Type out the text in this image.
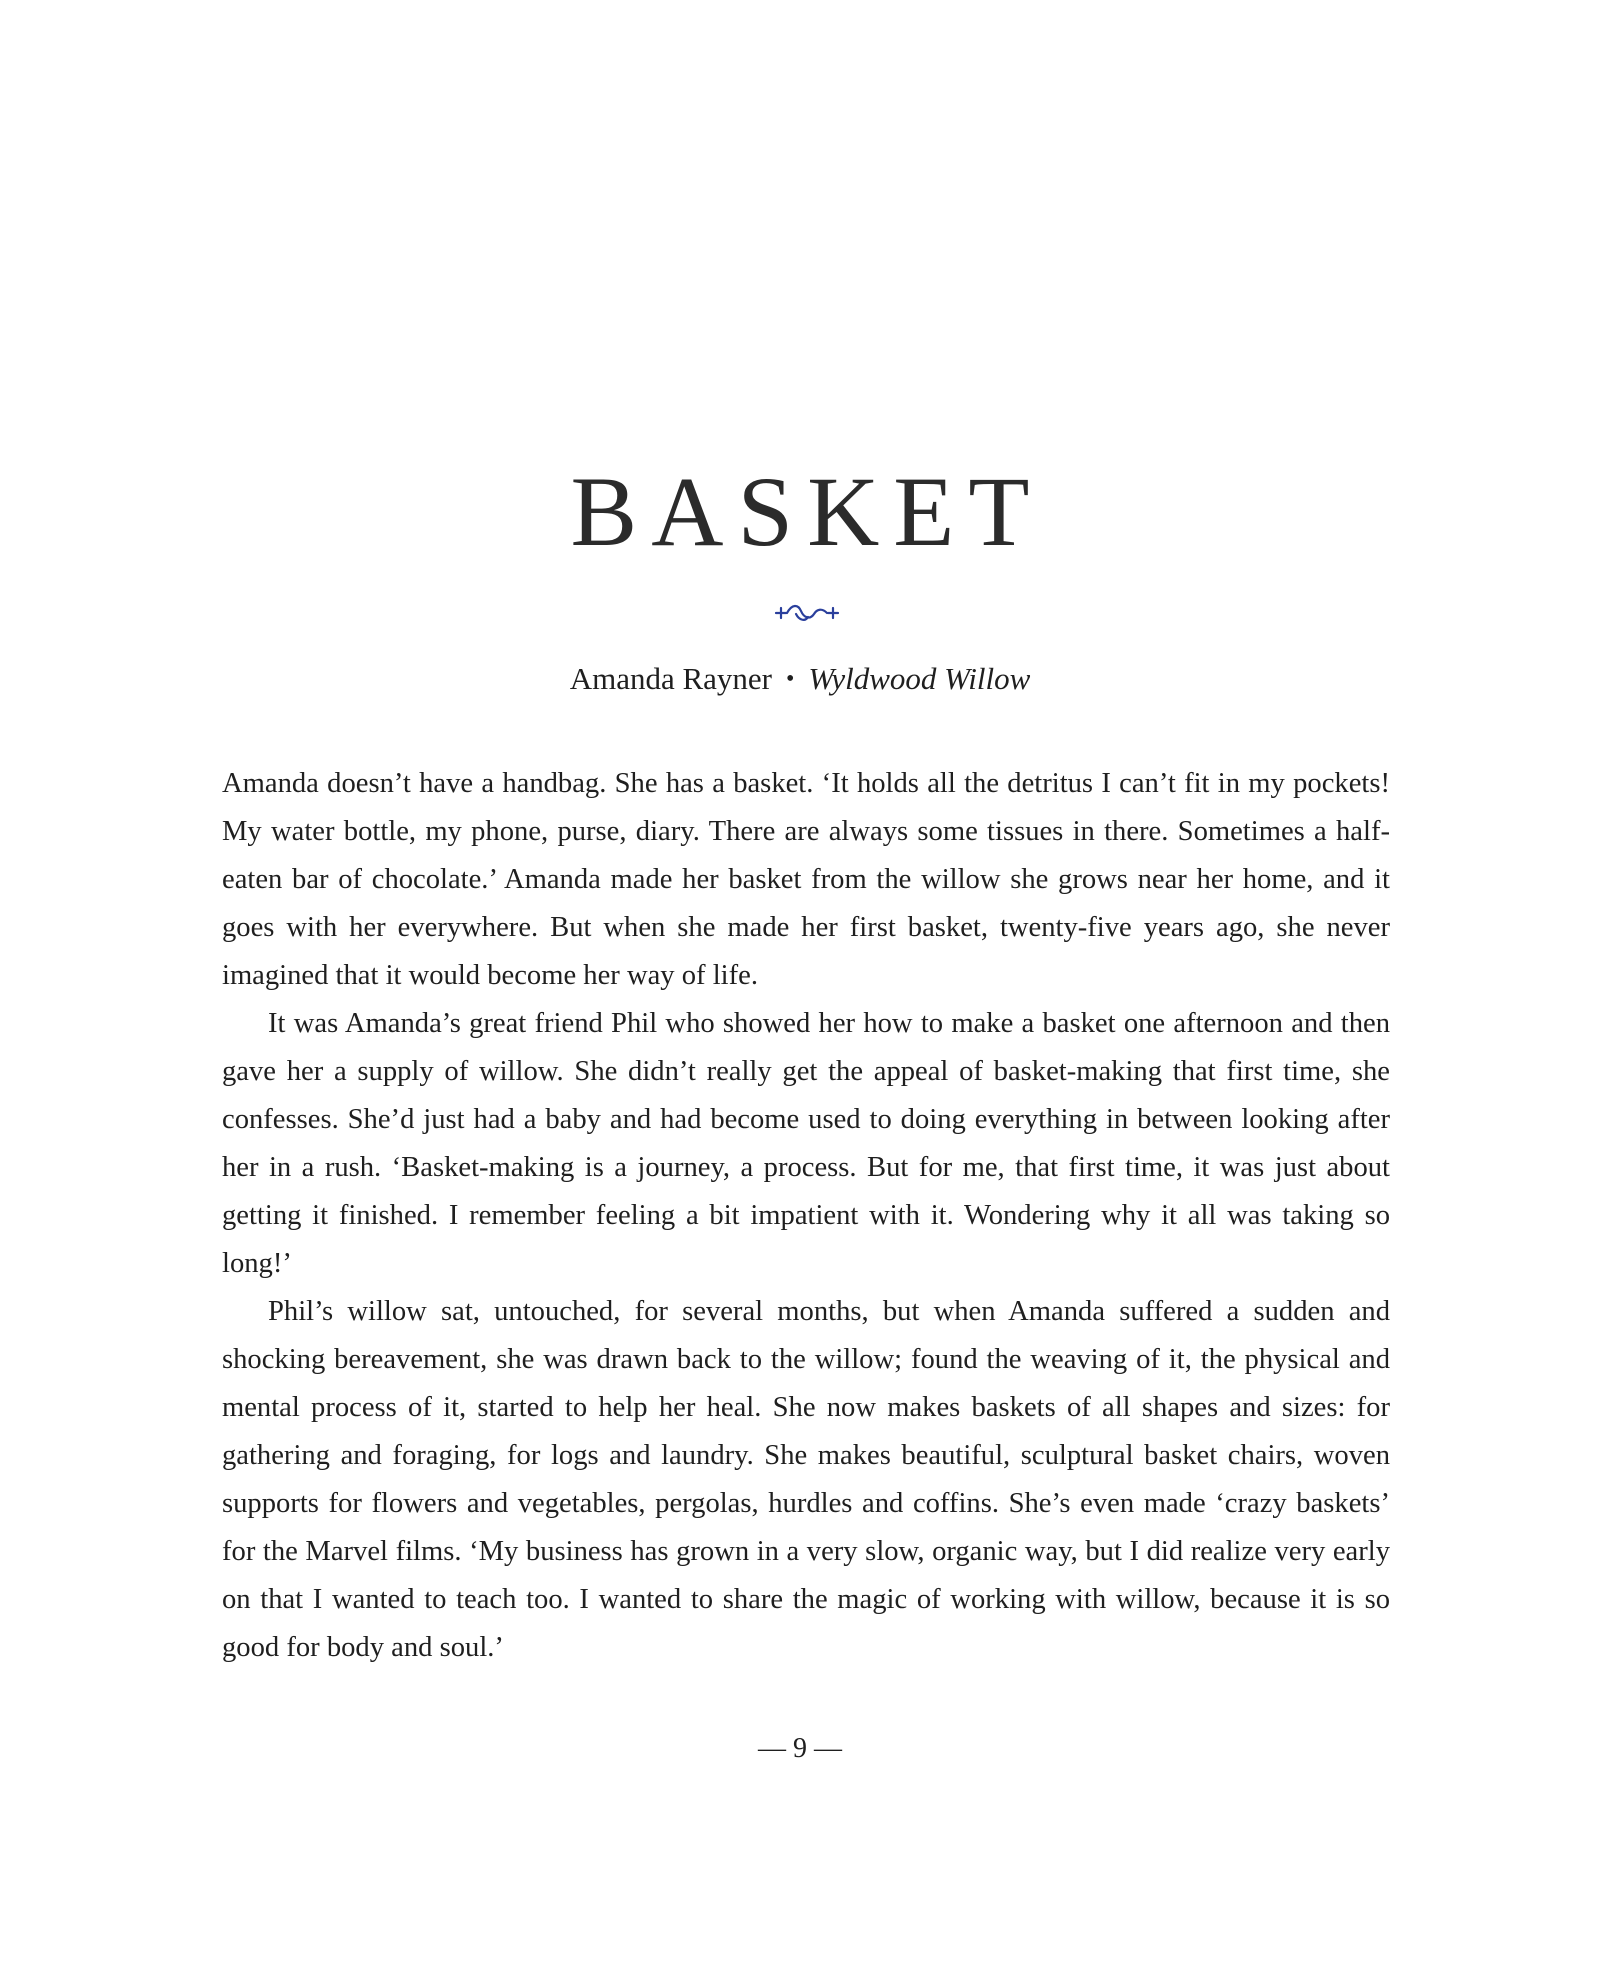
BASKET
Amanda Rayner • Wyldwood Willow

Amanda doesn’t have a handbag. She has a basket. ‘It holds all the detritus I can’t fit in my pockets! My water bottle, my phone, purse, diary. There are always some tissues in there. Sometimes a half-eaten bar of chocolate.’ Amanda made her basket from the willow she grows near her home, and it goes with her everywhere. But when she made her first basket, twenty-five years ago, she never imagined that it would become her way of life.

It was Amanda’s great friend Phil who showed her how to make a basket one afternoon and then gave her a supply of willow. She didn’t really get the appeal of basket-making that first time, she confesses. She’d just had a baby and had become used to doing everything in between looking after her in a rush. ‘Basket-making is a journey, a process. But for me, that first time, it was just about getting it finished. I remember feeling a bit impatient with it. Wondering why it all was taking so long!’

Phil’s willow sat, untouched, for several months, but when Amanda suffered a sudden and shocking bereavement, she was drawn back to the willow; found the weaving of it, the physical and mental process of it, started to help her heal. She now makes baskets of all shapes and sizes: for gathering and foraging, for logs and laundry. She makes beautiful, sculptural basket chairs, woven supports for flowers and vegetables, pergolas, hurdles and coffins. She’s even made ‘crazy baskets’ for the Marvel films. ‘My business has grown in a very slow, organic way, but I did realize very early on that I wanted to teach too. I wanted to share the magic of working with willow, because it is so good for body and soul.’

— 9 —
